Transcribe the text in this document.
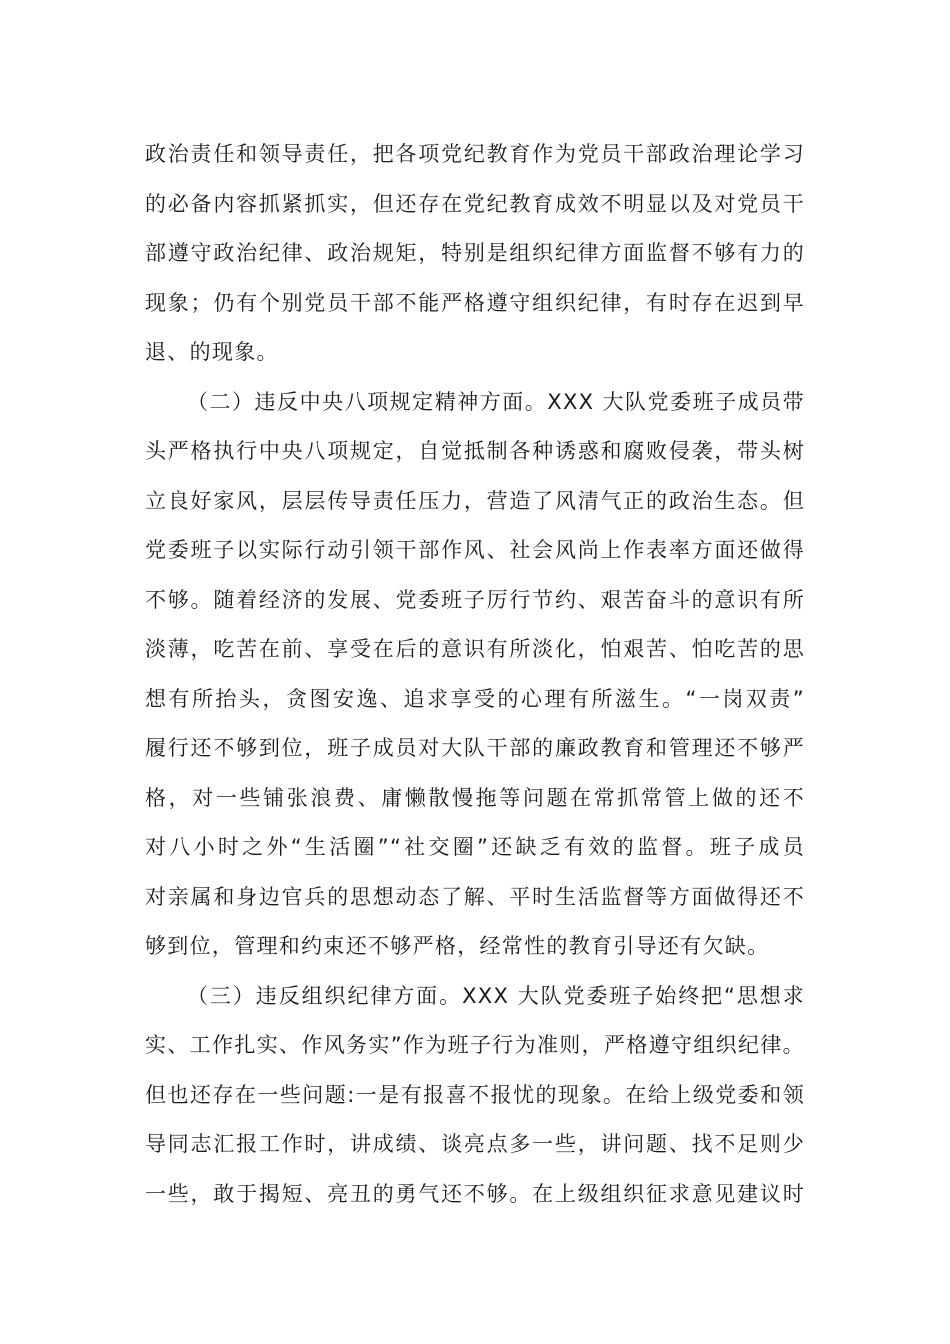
政治责任和领导责任，把各项党纪教育作为党员干部政治理论学习
的必备内容抓紧抓实，但还存在党纪教育成效不明显以及对党员干
部遵守政治纪律、政治规矩，特别是组织纪律方面监督不够有力的
现象；仍有个别党员干部不能严格遵守组织纪律，有时存在迟到早
退、的现象。
（二）违反中央八项规定精神方面。XXX 大队党委班子成员带
头严格执行中央八项规定，自觉抵制各种诱惑和腐败侵袭，带头树
立良好家风，层层传导责任压力，营造了风清气正的政治生态。但
党委班子以实际行动引领干部作风、社会风尚上作表率方面还做得
不够。随着经济的发展、党委班子厉行节约、艰苦奋斗的意识有所
淡薄，吃苦在前、享受在后的意识有所淡化，怕艰苦、怕吃苦的思
想有所抬头，贪图安逸、追求享受的心理有所滋生。“一岗双责”
履行还不够到位，班子成员对大队干部的廉政教育和管理还不够严
格，对一些铺张浪费、庸懒散慢拖等问题在常抓常管上做的还不
对八小时之外“生活圈”“社交圈”还缺乏有效的监督。班子成员
对亲属和身边官兵的思想动态了解、平时生活监督等方面做得还不
够到位，管理和约束还不够严格，经常性的教育引导还有欠缺。
（三）违反组织纪律方面。XXX 大队党委班子始终把“思想求
实、工作扎实、作风务实”作为班子行为准则，严格遵守组织纪律。
但也还存在一些问题:一是有报喜不报忧的现象。在给上级党委和领
导同志汇报工作时，讲成绩、谈亮点多一些，讲问题、找不足则少
一些，敢于揭短、亮丑的勇气还不够。在上级组织征求意见建议时
